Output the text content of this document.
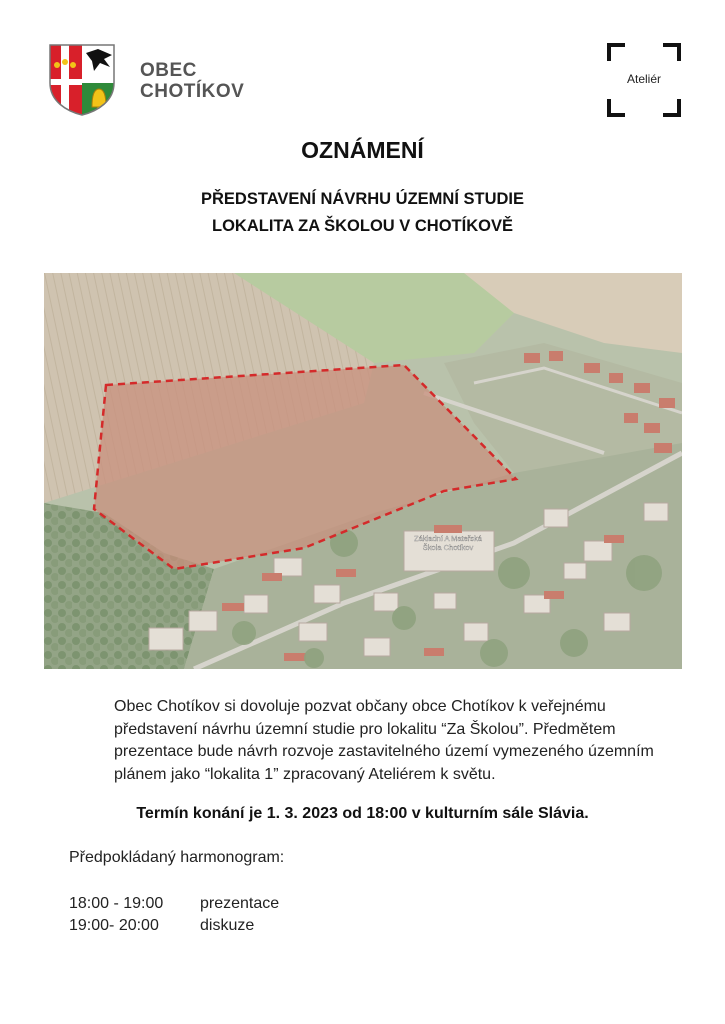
OBEC
CHOTÍKOV
Ateliér
OZNÁMENÍ
PŘEDSTAVENÍ NÁVRHU ÚZEMNÍ STUDIE
LOKALITA ZA ŠKOLOU V CHOTÍKOVĚ
Základní A Mateřská
Škola Chotíkov
Obec Chotíkov si dovoluje pozvat občany obce Chotíkov k veřejnému představení návrhu územní studie pro lokalitu “Za Školou”. Předmětem prezentace bude návrh rozvoje zastavitelného území vymezeného územním plánem jako “lokalita 1” zpracovaný Ateliérem k světu.
Termín konání je 1. 3. 2023 od 18:00 v kulturním sále Slávia.
Předpokládaný harmonogram:
18:00 - 19:00	prezentace
19:00- 20:00	diskuze
